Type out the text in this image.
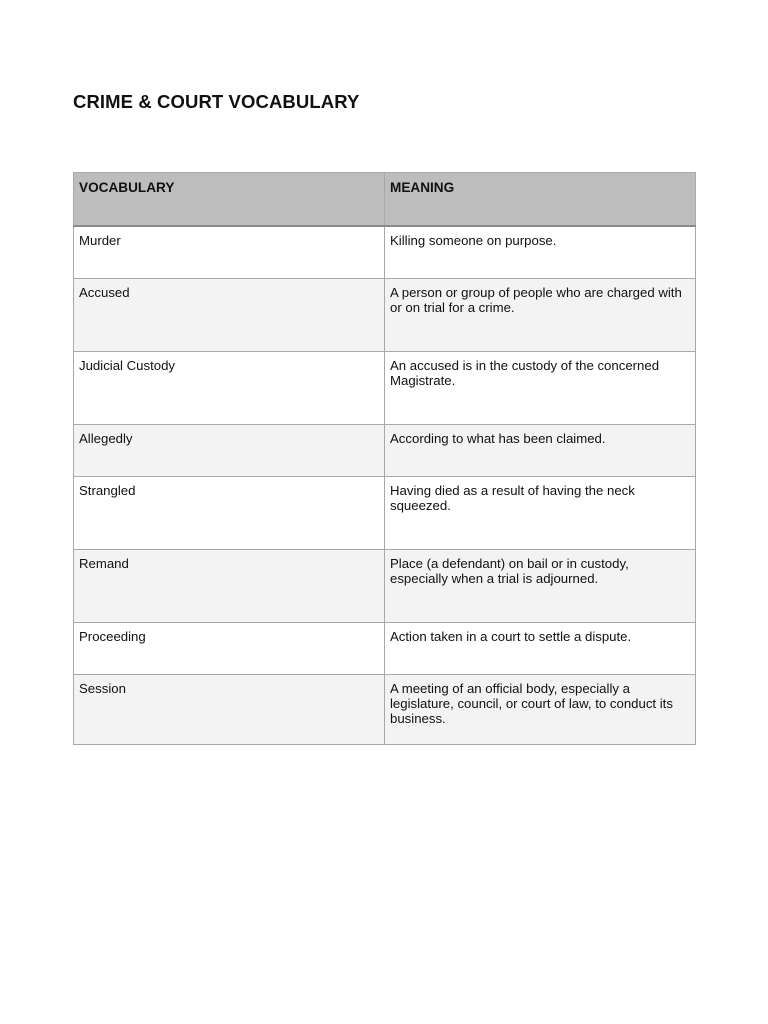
CRIME & COURT VOCABULARY
VOCABULARY	MEANING
Murder	Killing someone on purpose.
Accused	A person or group of people who are charged with or on trial for a crime.
Judicial Custody	An accused is in the custody of the concerned Magistrate.
Allegedly	According to what has been claimed.
Strangled	Having died as a result of having the neck squeezed.
Remand	Place (a defendant) on bail or in custody, especially when a trial is adjourned.
Proceeding	Action taken in a court to settle a dispute.
Session	A meeting of an official body, especially a legislature, council, or court of law, to conduct its business.
